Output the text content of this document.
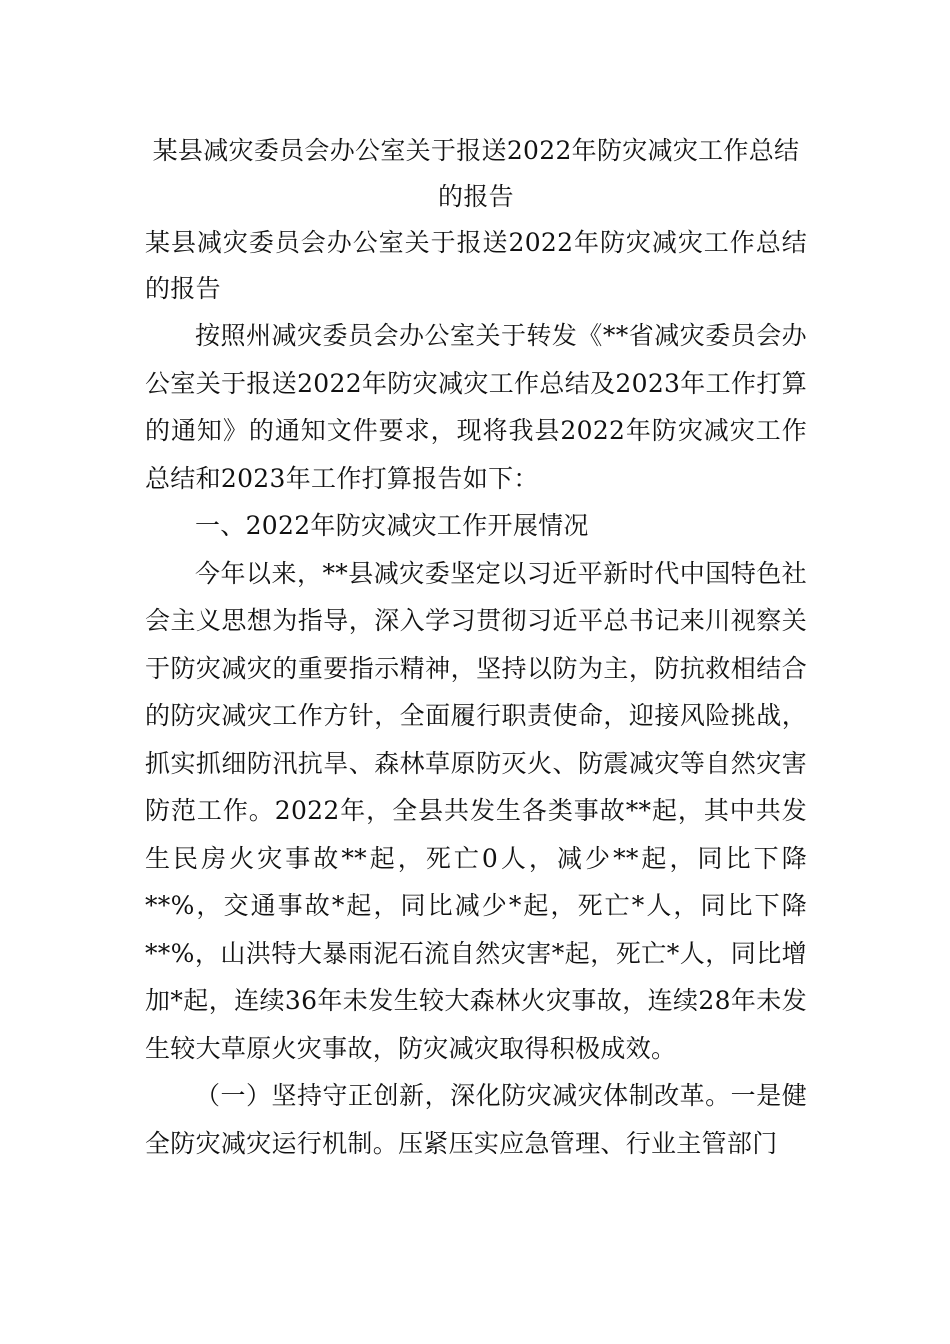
某县减灾委员会办公室关于报送2022年防灾减灾工作总结的报告

某县减灾委员会办公室关于报送2022年防灾减灾工作总结的报告

按照州减灾委员会办公室关于转发《**省减灾委员会办公室关于报送2022年防灾减灾工作总结及2023年工作打算的通知》的通知文件要求，现将我县2022年防灾减灾工作总结和2023年工作打算报告如下：

一、2022年防灾减灾工作开展情况

今年以来，**县减灾委坚定以习近平新时代中国特色社会主义思想为指导，深入学习贯彻习近平总书记来川视察关于防灾减灾的重要指示精神，坚持以防为主，防抗救相结合的防灾减灾工作方针，全面履行职责使命，迎接风险挑战，抓实抓细防汛抗旱、森林草原防灭火、防震减灾等自然灾害防范工作。2022年，全县共发生各类事故**起，其中共发生民房火灾事故**起，死亡0人，减少**起，同比下降**%，交通事故*起，同比减少*起，死亡*人，同比下降**%，山洪特大暴雨泥石流自然灾害*起，死亡*人，同比增加*起，连续36年未发生较大森林火灾事故，连续28年未发生较大草原火灾事故，防灾减灾取得积极成效。

（一）坚持守正创新，深化防灾减灾体制改革。一是健全防灾减灾运行机制。压紧压实应急管理、行业主管部门
